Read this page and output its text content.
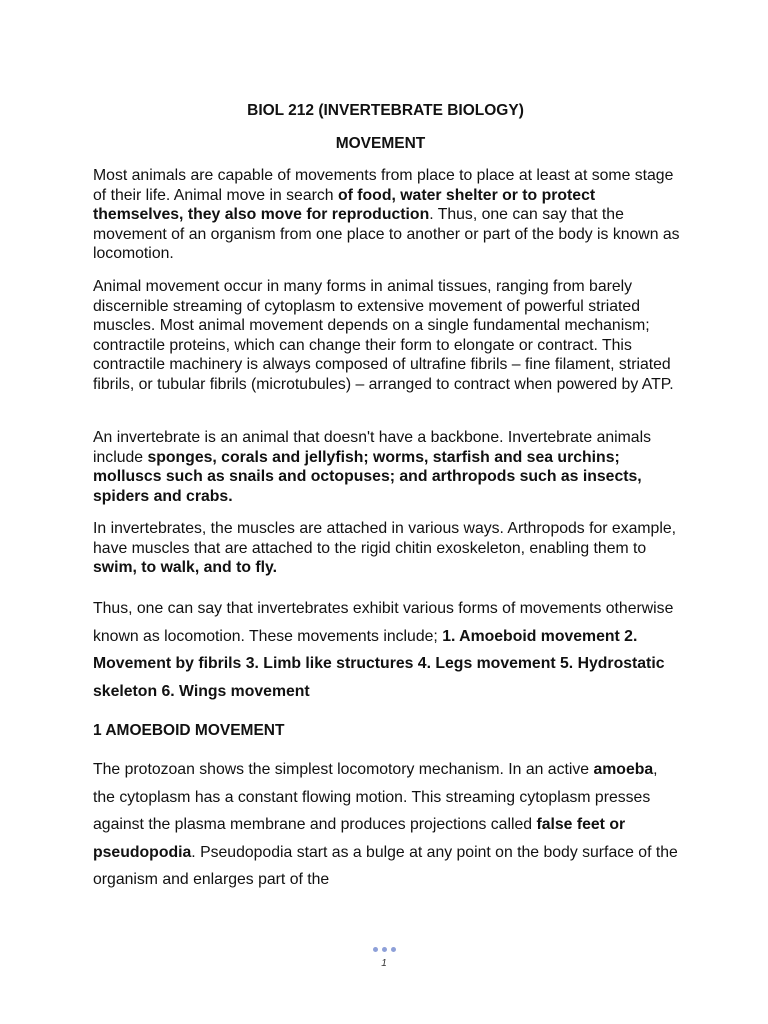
BIOL 212 (INVERTEBRATE BIOLOGY)
MOVEMENT

Most animals are capable of movements from place to place at least at some stage of their life. Animal move in search of food, water shelter or to protect themselves, they also move for reproduction. Thus, one can say that the movement of an organism from one place to another or part of the body is known as locomotion.

Animal movement occur in many forms in animal tissues, ranging from barely discernible streaming of cytoplasm to extensive movement of powerful striated muscles. Most animal movement depends on a single fundamental mechanism; contractile proteins, which can change their form to elongate or contract. This contractile machinery is always composed of ultrafine fibrils – fine filament, striated fibrils, or tubular fibrils (microtubules) – arranged to contract when powered by ATP.

An invertebrate is an animal that doesn't have a backbone. Invertebrate animals include sponges, corals and jellyfish; worms, starfish and sea urchins; molluscs such as snails and octopuses; and arthropods such as insects, spiders and crabs.

In invertebrates, the muscles are attached in various ways. Arthropods for example, have muscles that are attached to the rigid chitin exoskeleton, enabling them to swim, to walk, and to fly.

Thus, one can say that invertebrates exhibit various forms of movements otherwise known as locomotion. These movements include; 1. Amoeboid movement 2. Movement by fibrils 3. Limb like structures 4. Legs movement 5. Hydrostatic skeleton 6. Wings movement

1 AMOEBOID MOVEMENT

The protozoan shows the simplest locomotory mechanism. In an active amoeba, the cytoplasm has a constant flowing motion. This streaming cytoplasm presses against the plasma membrane and produces projections called false feet or pseudopodia. Pseudopodia start as a bulge at any point on the body surface of the organism and enlarges part of the

1
